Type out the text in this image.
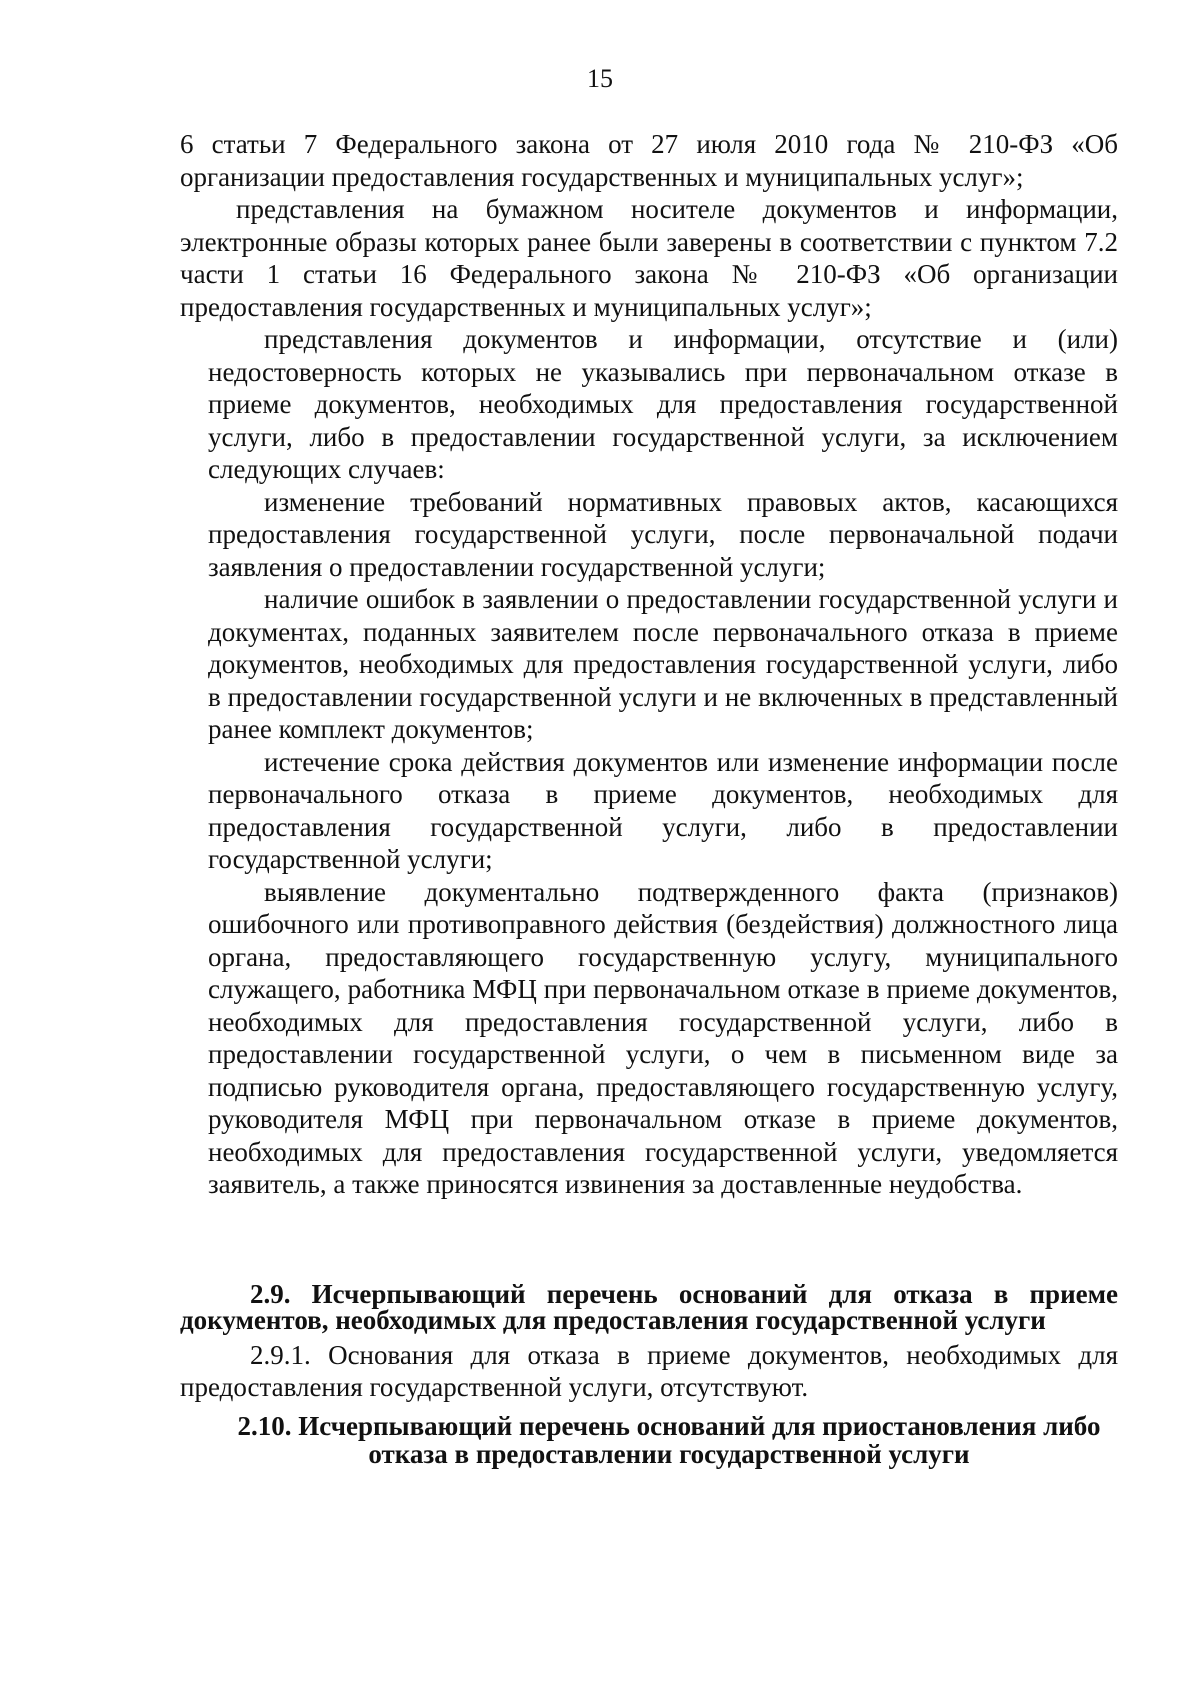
15

6 статьи 7 Федерального закона от 27 июля 2010 года № 210-ФЗ «Об организации предоставления государственных и муниципальных услуг»;

представления на бумажном носителе документов и информации, электронные образы которых ранее были заверены в соответствии с пунктом 7.2 части 1 статьи 16 Федерального закона № 210-ФЗ «Об организации предоставления государственных и муниципальных услуг»;

представления документов и информации, отсутствие и (или) недостоверность которых не указывались при первоначальном отказе в приеме документов, необходимых для предоставления государственной услуги, либо в предоставлении государственной услуги, за исключением следующих случаев:

изменение требований нормативных правовых актов, касающихся предоставления государственной услуги, после первоначальной подачи заявления о предоставлении государственной услуги;

наличие ошибок в заявлении о предоставлении государственной услуги и документах, поданных заявителем после первоначального отказа в приеме документов, необходимых для предоставления государственной услуги, либо в предоставлении государственной услуги и не включенных в представленный ранее комплект документов;

истечение срока действия документов или изменение информации после первоначального отказа в приеме документов, необходимых для предоставления государственной услуги, либо в предоставлении государственной услуги;

выявление документально подтвержденного факта (признаков) ошибочного или противоправного действия (бездействия) должностного лица органа, предоставляющего государственную услугу, муниципального служащего, работника МФЦ при первоначальном отказе в приеме документов, необходимых для предоставления государственной услуги, либо в предоставлении государственной услуги, о чем в письменном виде за подписью руководителя органа, предоставляющего государственную услугу, руководителя МФЦ при первоначальном отказе в приеме документов, необходимых для предоставления государственной услуги, уведомляется заявитель, а также приносятся извинения за доставленные неудобства.

2.9. Исчерпывающий перечень оснований для отказа в приеме документов, необходимых для предоставления государственной услуги

2.9.1. Основания для отказа в приеме документов, необходимых для предоставления государственной услуги, отсутствуют.

2.10. Исчерпывающий перечень оснований для приостановления либо отказа в предоставлении государственной услуги
